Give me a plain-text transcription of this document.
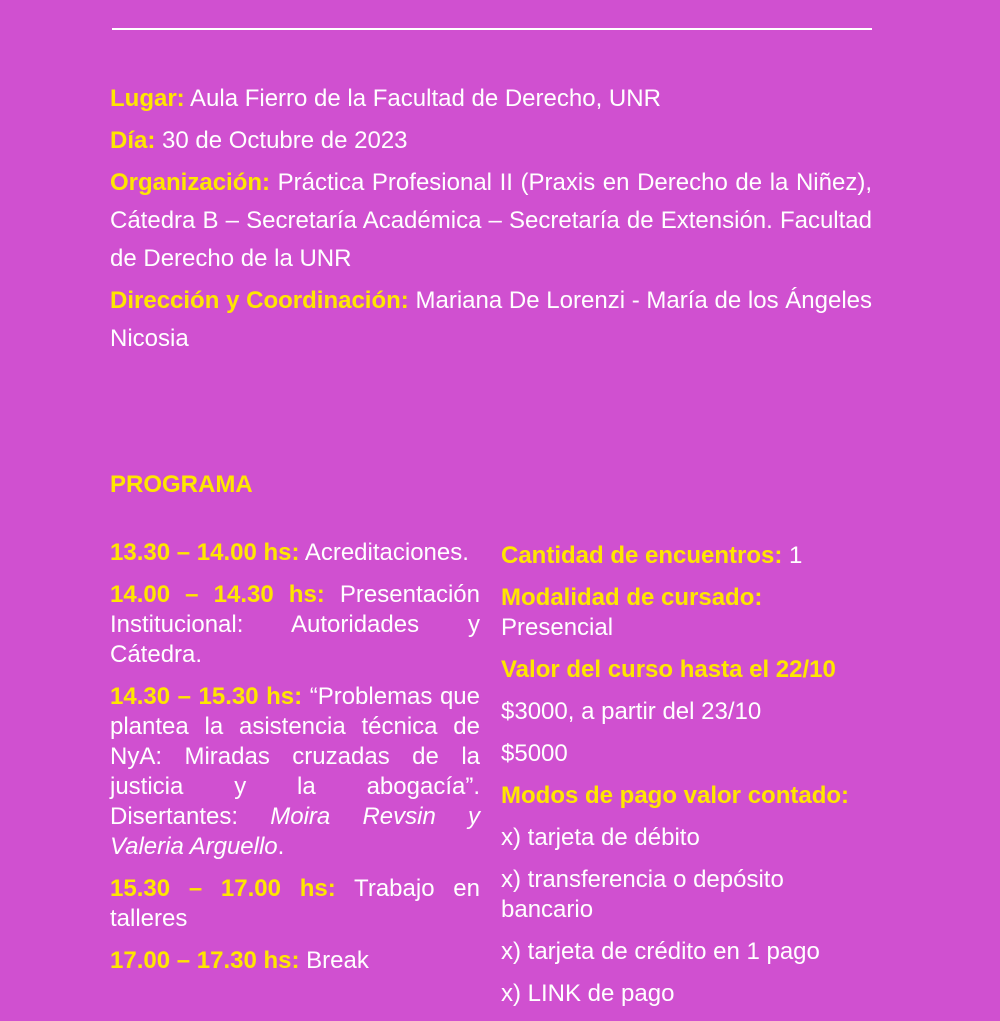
Lugar: Aula Fierro de la Facultad de Derecho, UNR

Día: 30 de Octubre de 2023

Organización: Práctica Profesional II (Praxis en Derecho de la Niñez), Cátedra B – Secretaría Académica – Secretaría de Extensión. Facultad de Derecho de la UNR

Dirección y Coordinación: Mariana De Lorenzi - María de los Ángeles Nicosia

PROGRAMA

13.30 – 14.00 hs: Acreditaciones.

14.00 – 14.30 hs: Presentación Institucional: Autoridades y Cátedra.

14.30 – 15.30 hs: “Problemas que plantea la asistencia técnica de NyA: Miradas cruzadas de la justicia y la abogacía”. Disertantes: Moira Revsin y Valeria Arguello.

15.30 – 17.00 hs: Trabajo en talleres

17.00 – 17.30 hs: Break

Cantidad de encuentros: 1

Modalidad de cursado: Presencial

Valor del curso hasta el 22/10

$3000, a partir del 23/10

$5000

Modos de pago valor contado:

x) tarjeta de débito

x) transferencia o depósito bancario

x) tarjeta de crédito en 1 pago

x) LINK de pago
